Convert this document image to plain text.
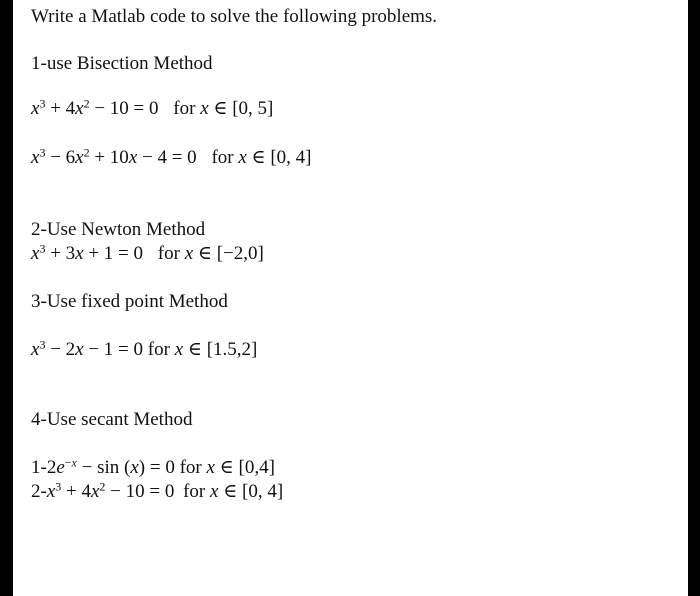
Write a Matlab code to solve the following problems.
1-use Bisection Method
$x^3 + 4x^2 - 10 = 0$ for x ∈ [0, 5]
$x^3 - 6x^2 + 10x - 4 = 0$ for x ∈ [0, 4]
2-Use Newton Method
$x^3 + 3x + 1 = 0$ for x ∈ [−2,0]
3-Use fixed point Method
$x^3 - 2x - 1 = 0$ for x ∈ [1.5,2]
4-Use secant Method
$1-2e^{-x} - \sin (x) = 0$ for x ∈ [0,4]
$2-x^3 + 4x^2 - 10 = 0$ for x ∈ [0, 4]
